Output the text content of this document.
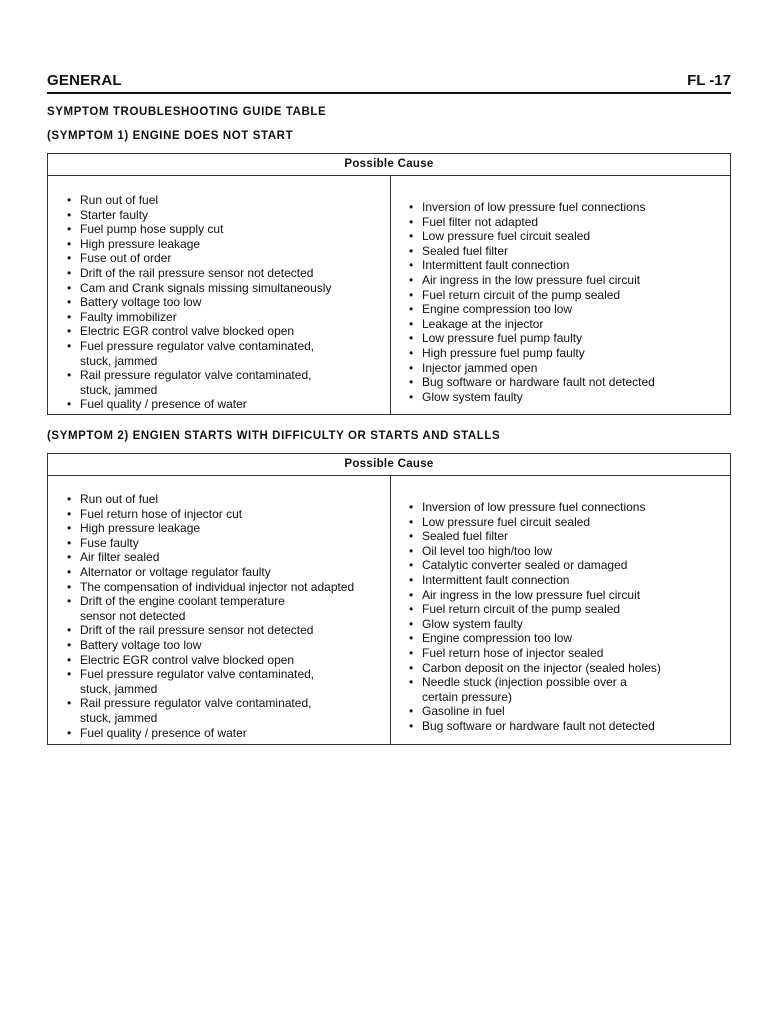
GENERAL	FL -17
SYMPTOM TROUBLESHOOTING GUIDE TABLE
(SYMPTOM 1) ENGINE DOES NOT START
Possible Cause
• Run out of fuel
• Starter faulty
• Fuel pump hose supply cut
• High pressure leakage
• Fuse out of order
• Drift of the rail pressure sensor not detected
• Cam and Crank signals missing simultaneously
• Battery voltage too low
• Faulty immobilizer
• Electric EGR control valve blocked open
• Fuel pressure regulator valve contaminated,
stuck, jammed
• Rail pressure regulator valve contaminated,
stuck, jammed
• Fuel quality / presence of water
• Inversion of low pressure fuel connections
• Fuel filter not adapted
• Low pressure fuel circuit sealed
• Sealed fuel filter
• Intermittent fault connection
• Air ingress in the low pressure fuel circuit
• Fuel return circuit of the pump sealed
• Engine compression too low
• Leakage at the injector
• Low pressure fuel pump faulty
• High pressure fuel pump faulty
• Injector jammed open
• Bug software or hardware fault not detected
• Glow system faulty
(SYMPTOM 2) ENGIEN STARTS WITH DIFFICULTY OR STARTS AND STALLS
Possible Cause
• Run out of fuel
• Fuel return hose of injector cut
• High pressure leakage
• Fuse faulty
• Air filter sealed
• Alternator or voltage regulator faulty
• The compensation of individual injector not adapted
• Drift of the engine coolant temperature
sensor not detected
• Drift of the rail pressure sensor not detected
• Battery voltage too low
• Electric EGR control valve blocked open
• Fuel pressure regulator valve contaminated,
stuck, jammed
• Rail pressure regulator valve contaminated,
stuck, jammed
• Fuel quality / presence of water
• Inversion of low pressure fuel connections
• Low pressure fuel circuit sealed
• Sealed fuel filter
• Oil level too high/too low
• Catalytic converter sealed or damaged
• Intermittent fault connection
• Air ingress in the low pressure fuel circuit
• Fuel return circuit of the pump sealed
• Glow system faulty
• Engine compression too low
• Fuel return hose of injector sealed
• Carbon deposit on the injector (sealed holes)
• Needle stuck (injection possible over a
certain pressure)
• Gasoline in fuel
• Bug software or hardware fault not detected
